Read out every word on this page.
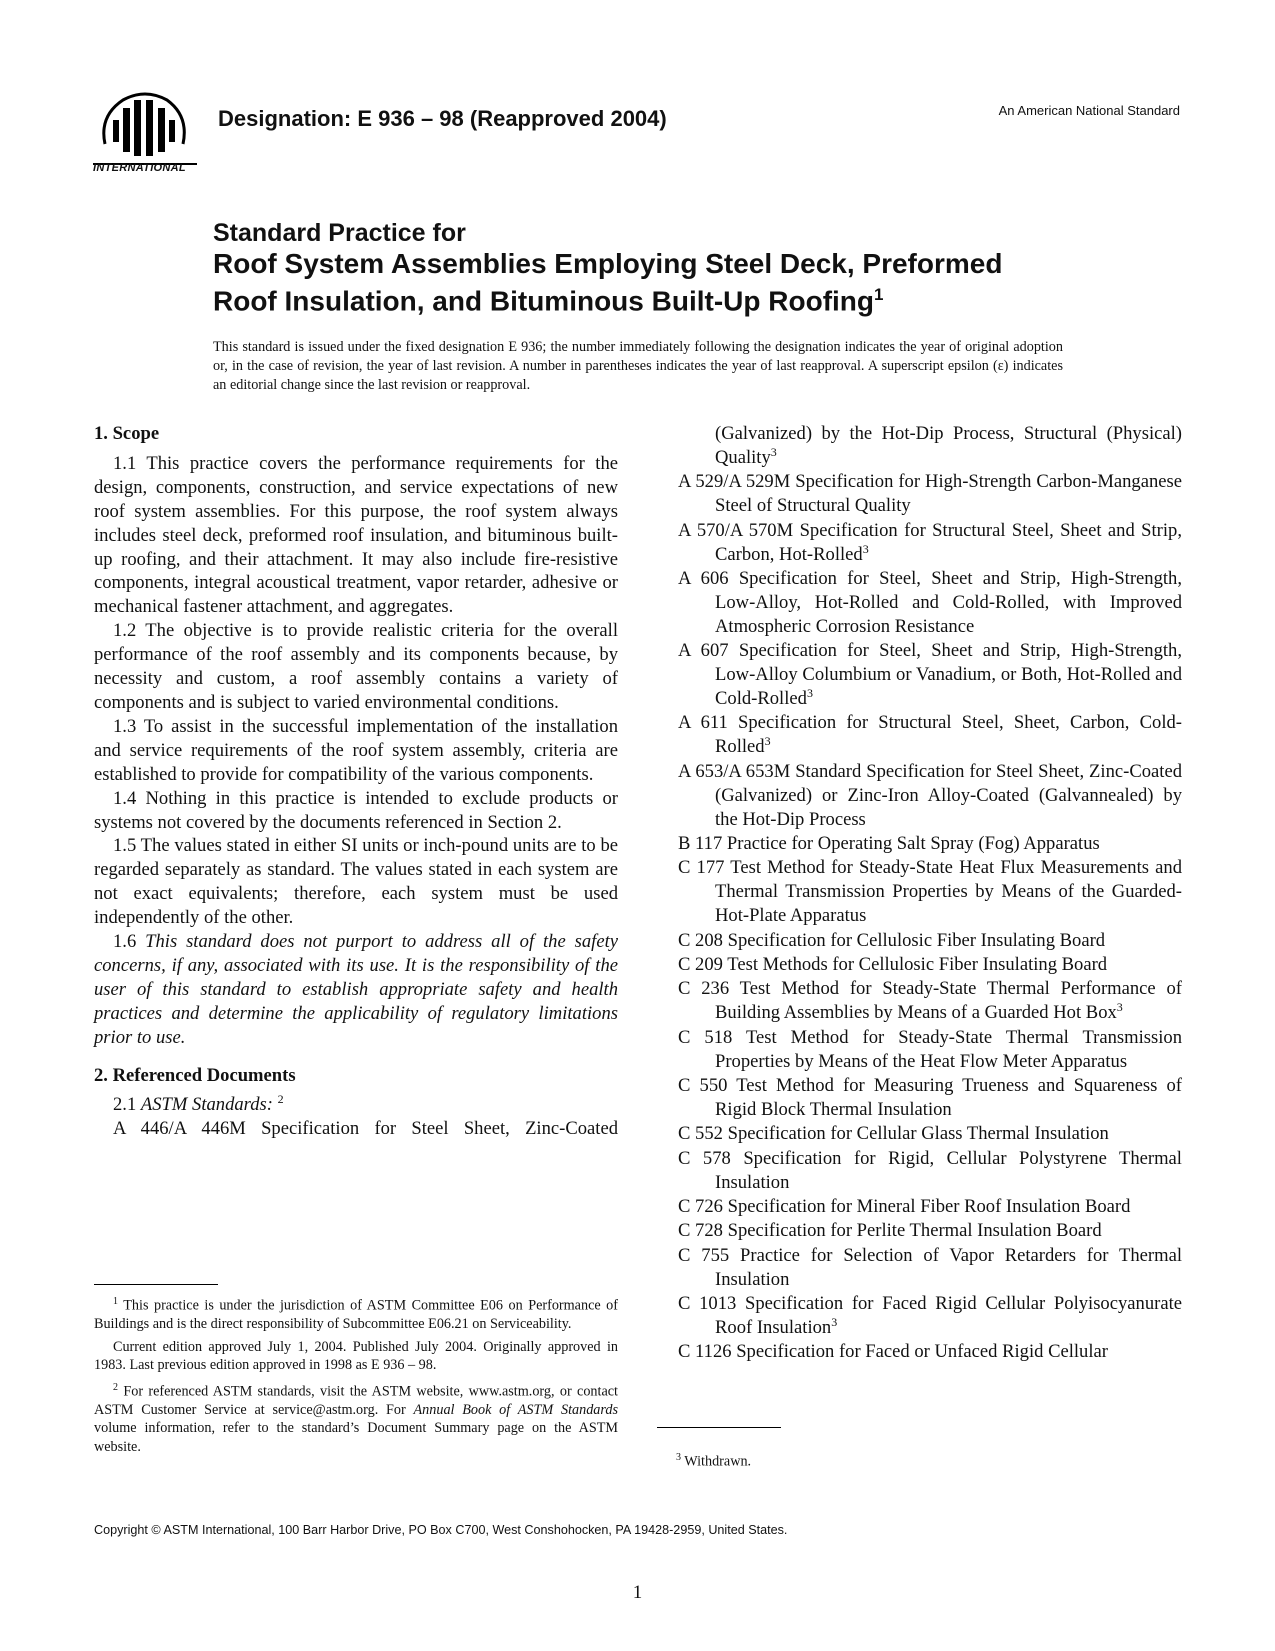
INTERNATIONAL
Designation: E 936 – 98 (Reapproved 2004)	An American National Standard
Standard Practice for
Roof System Assemblies Employing Steel Deck, Preformed
Roof Insulation, and Bituminous Built-Up Roofing$^1$
This standard is issued under the fixed designation E 936; the number immediately following the designation indicates the year of original adoption or, in the case of revision, the year of last revision. A number in parentheses indicates the year of last reapproval. A superscript epsilon (ε) indicates an editorial change since the last revision or reapproval.
1. Scope

1.1 This practice covers the performance requirements for the design, components, construction, and service expectations of new roof system assemblies. For this purpose, the roof system always includes steel deck, preformed roof insulation, and bituminous built-up roofing, and their attachment. It may also include fire-resistive components, integral acoustical treatment, vapor retarder, adhesive or mechanical fastener attachment, and aggregates.

1.2 The objective is to provide realistic criteria for the overall performance of the roof assembly and its components because, by necessity and custom, a roof assembly contains a variety of components and is subject to varied environmental conditions.

1.3 To assist in the successful implementation of the installation and service requirements of the roof system assembly, criteria are established to provide for compatibility of the various components.

1.4 Nothing in this practice is intended to exclude products or systems not covered by the documents referenced in Section 2.

1.5 The values stated in either SI units or inch-pound units are to be regarded separately as standard. The values stated in each system are not exact equivalents; therefore, each system must be used independently of the other.

1.6 This standard does not purport to address all of the safety concerns, if any, associated with its use. It is the responsibility of the user of this standard to establish appropriate safety and health practices and determine the applicability of regulatory limitations prior to use.

2. Referenced Documents

2.1 ASTM Standards: $^2$

A 446/A 446M Specification for Steel Sheet, Zinc-Coated

(Galvanized) by the Hot-Dip Process, Structural (Physical) Quality$^3$

A 529/A 529M Specification for High-Strength Carbon-Manganese Steel of Structural Quality

A 570/A 570M Specification for Structural Steel, Sheet and Strip, Carbon, Hot-Rolled$^3$

A 606 Specification for Steel, Sheet and Strip, High-Strength, Low-Alloy, Hot-Rolled and Cold-Rolled, with Improved Atmospheric Corrosion Resistance

A 607 Specification for Steel, Sheet and Strip, High-Strength, Low-Alloy Columbium or Vanadium, or Both, Hot-Rolled and Cold-Rolled$^3$

A 611 Specification for Structural Steel, Sheet, Carbon, Cold-Rolled$^3$

A 653/A 653M Standard Specification for Steel Sheet, Zinc-Coated (Galvanized) or Zinc-Iron Alloy-Coated (Galvannealed) by the Hot-Dip Process

B 117 Practice for Operating Salt Spray (Fog) Apparatus

C 177 Test Method for Steady-State Heat Flux Measurements and Thermal Transmission Properties by Means of the Guarded-Hot-Plate Apparatus

C 208 Specification for Cellulosic Fiber Insulating Board

C 209 Test Methods for Cellulosic Fiber Insulating Board

C 236 Test Method for Steady-State Thermal Performance of Building Assemblies by Means of a Guarded Hot Box$^3$

C 518 Test Method for Steady-State Thermal Transmission Properties by Means of the Heat Flow Meter Apparatus

C 550 Test Method for Measuring Trueness and Squareness of Rigid Block Thermal Insulation

C 552 Specification for Cellular Glass Thermal Insulation

C 578 Specification for Rigid, Cellular Polystyrene Thermal Insulation

C 726 Specification for Mineral Fiber Roof Insulation Board

C 728 Specification for Perlite Thermal Insulation Board

C 755 Practice for Selection of Vapor Retarders for Thermal Insulation

C 1013 Specification for Faced Rigid Cellular Polyisocyanurate Roof Insulation$^3$

C 1126 Specification for Faced or Unfaced Rigid Cellular

$^1$ This practice is under the jurisdiction of ASTM Committee E06 on Performance of Buildings and is the direct responsibility of Subcommittee E06.21 on Serviceability.

Current edition approved July 1, 2004. Published July 2004. Originally approved in 1983. Last previous edition approved in 1998 as E 936 – 98.

$^2$ For referenced ASTM standards, visit the ASTM website, www.astm.org, or contact ASTM Customer Service at service@astm.org. For Annual Book of ASTM Standards volume information, refer to the standard’s Document Summary page on the ASTM website.

$^3$ Withdrawn.
Copyright © ASTM International, 100 Barr Harbor Drive, PO Box C700, West Conshohocken, PA 19428-2959, United States.
1
